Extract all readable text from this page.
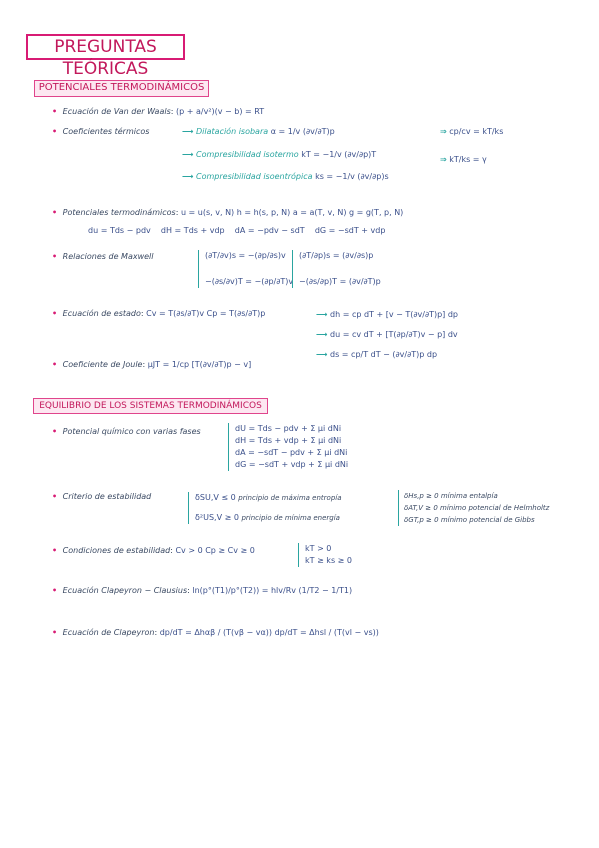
PREGUNTAS TEÓRICAS
POTENCIALES TERMODINÁMICOS
• Ecuación de Van der Waals: (p + a/v²)(v − b) = RT
• Coeficientes térmicos	⟶ Dilatación isobara α = 1/v (∂v/∂T)p
⟶ Compresibilidad isotermo kT = −1/v (∂v/∂p)T
⟶ Compresibilidad isoentrópica ks = −1/v (∂v/∂p)s
⇒ cp/cv = kT/ks
⇒ kT/ks = γ
• Potenciales termodinámicos: u = u(s, v, N) h = h(s, p, N) a = a(T, v, N) g = g(T, p, N)
du = Tds − pdv dH = Tds + vdp dA = −pdv − sdT dG = −sdT + vdp
• Relaciones de Maxwell	(∂T/∂v)s = −(∂p/∂s)v
−(∂s/∂v)T = −(∂p/∂T)v
(∂T/∂p)s = (∂v/∂s)p
−(∂s/∂p)T = (∂v/∂T)p
• Ecuación de estado: Cv = T(∂s/∂T)v Cp = T(∂s/∂T)p	⟶ dh = cp dT + [v − T(∂v/∂T)p] dp
⟶ du = cv dT + [T(∂p/∂T)v − p] dv
⟶ ds = cp/T dT − (∂v/∂T)p dp
• Coeficiente de Joule: μJT = 1/cp [T(∂v/∂T)p − v]
EQUILIBRIO DE LOS SISTEMAS TERMODINÁMICOS
• Potencial químico con varias fases	dU = Tds − pdv + Σ μi dNi
dH = Tds + vdp + Σ μi dNi
dA = −sdT − pdv + Σ μi dNi
dG = −sdT + vdp + Σ μi dNi
• Criterio de estabilidad	δSU,V ≤ 0 principio de máxima entropía
δ²US,V ≥ 0 principio de mínima energía
δHs,p ≥ 0 mínima entalpía
δAT,V ≥ 0 mínimo potencial de Helmholtz
δGT,p ≥ 0 mínimo potencial de Gibbs
• Condiciones de estabilidad: Cv > 0 Cp ≥ Cv ≥ 0	kT > 0
kT ≥ ks ≥ 0
• Ecuación Clapeyron − Clausius: ln(p°(T1)/p°(T2)) = hlv/Rv (1/T2 − 1/T1)
• Ecuación de Clapeyron: dp/dT = Δhαβ / (T(vβ − vα)) dp/dT = Δhsl / (T(vl − vs))
